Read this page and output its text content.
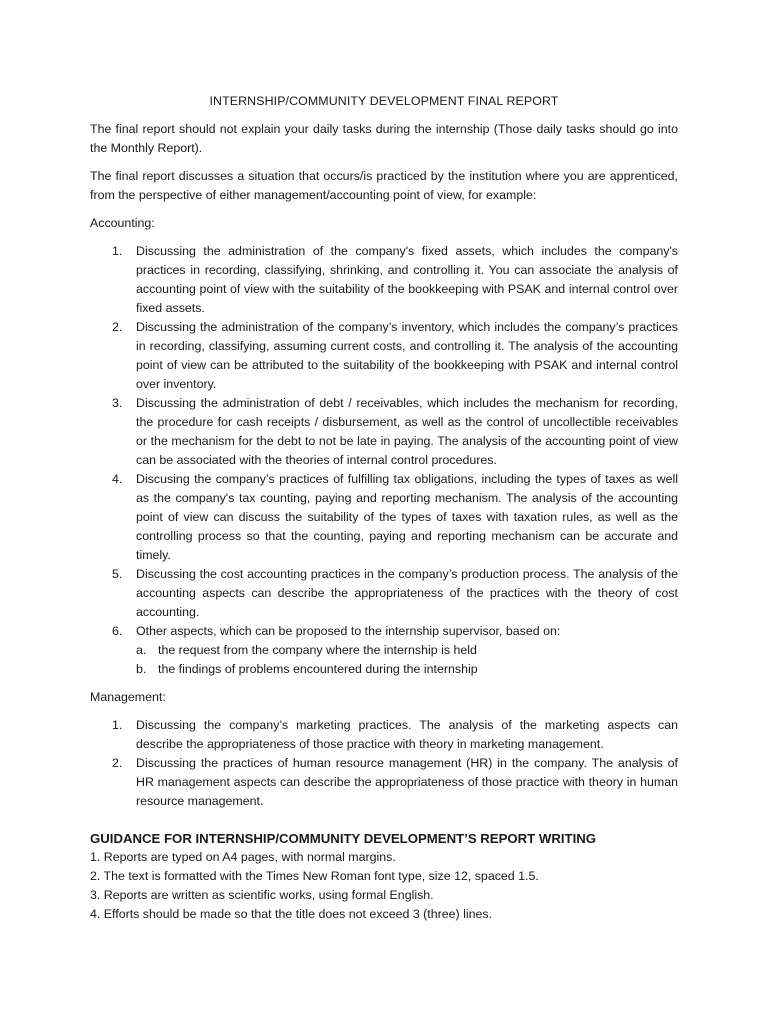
INTERNSHIP/COMMUNITY DEVELOPMENT FINAL REPORT

The final report should not explain your daily tasks during the internship (Those daily tasks should go into the Monthly Report).

The final report discusses a situation that occurs/is practiced by the institution where you are apprenticed, from the perspective of either management/accounting point of view, for example:

Accounting:
1. Discussing the administration of the company's fixed assets, which includes the company's practices in recording, classifying, shrinking, and controlling it. You can associate the analysis of accounting point of view with the suitability of the bookkeeping with PSAK and internal control over fixed assets.
2. Discussing the administration of the company’s inventory, which includes the company’s practices in recording, classifying, assuming current costs, and controlling it. The analysis of the accounting point of view can be attributed to the suitability of the bookkeeping with PSAK and internal control over inventory.
3. Discussing the administration of debt / receivables, which includes the mechanism for recording, the procedure for cash receipts / disbursement, as well as the control of uncollectible receivables or the mechanism for the debt to not be late in paying. The analysis of the accounting point of view can be associated with the theories of internal control procedures.
4. Discusing the company’s practices of fulfilling tax obligations, including the types of taxes as well as the company's tax counting, paying and reporting mechanism. The analysis of the accounting point of view can discuss the suitability of the types of taxes with taxation rules, as well as the controlling process so that the counting, paying and reporting mechanism can be accurate and timely.
5. Discussing the cost accounting practices in the company’s production process. The analysis of the accounting aspects can describe the appropriateness of the practices with the theory of cost accounting.
6. Other aspects, which can be proposed to the internship supervisor, based on:
a. the request from the company where the internship is held
b. the findings of problems encountered during the internship
Management:
1. Discussing the company’s marketing practices. The analysis of the marketing aspects can describe the appropriateness of those practice with theory in marketing management.
2. Discussing the practices of human resource management (HR) in the company. The analysis of HR management aspects can describe the appropriateness of those practice with theory in human resource management.
GUIDANCE FOR INTERNSHIP/COMMUNITY DEVELOPMENT’S REPORT WRITING
1. Reports are typed on A4 pages, with normal margins.
2. The text is formatted with the Times New Roman font type, size 12, spaced 1.5.
3. Reports are written as scientific works, using formal English.
4. Efforts should be made so that the title does not exceed 3 (three) lines.
